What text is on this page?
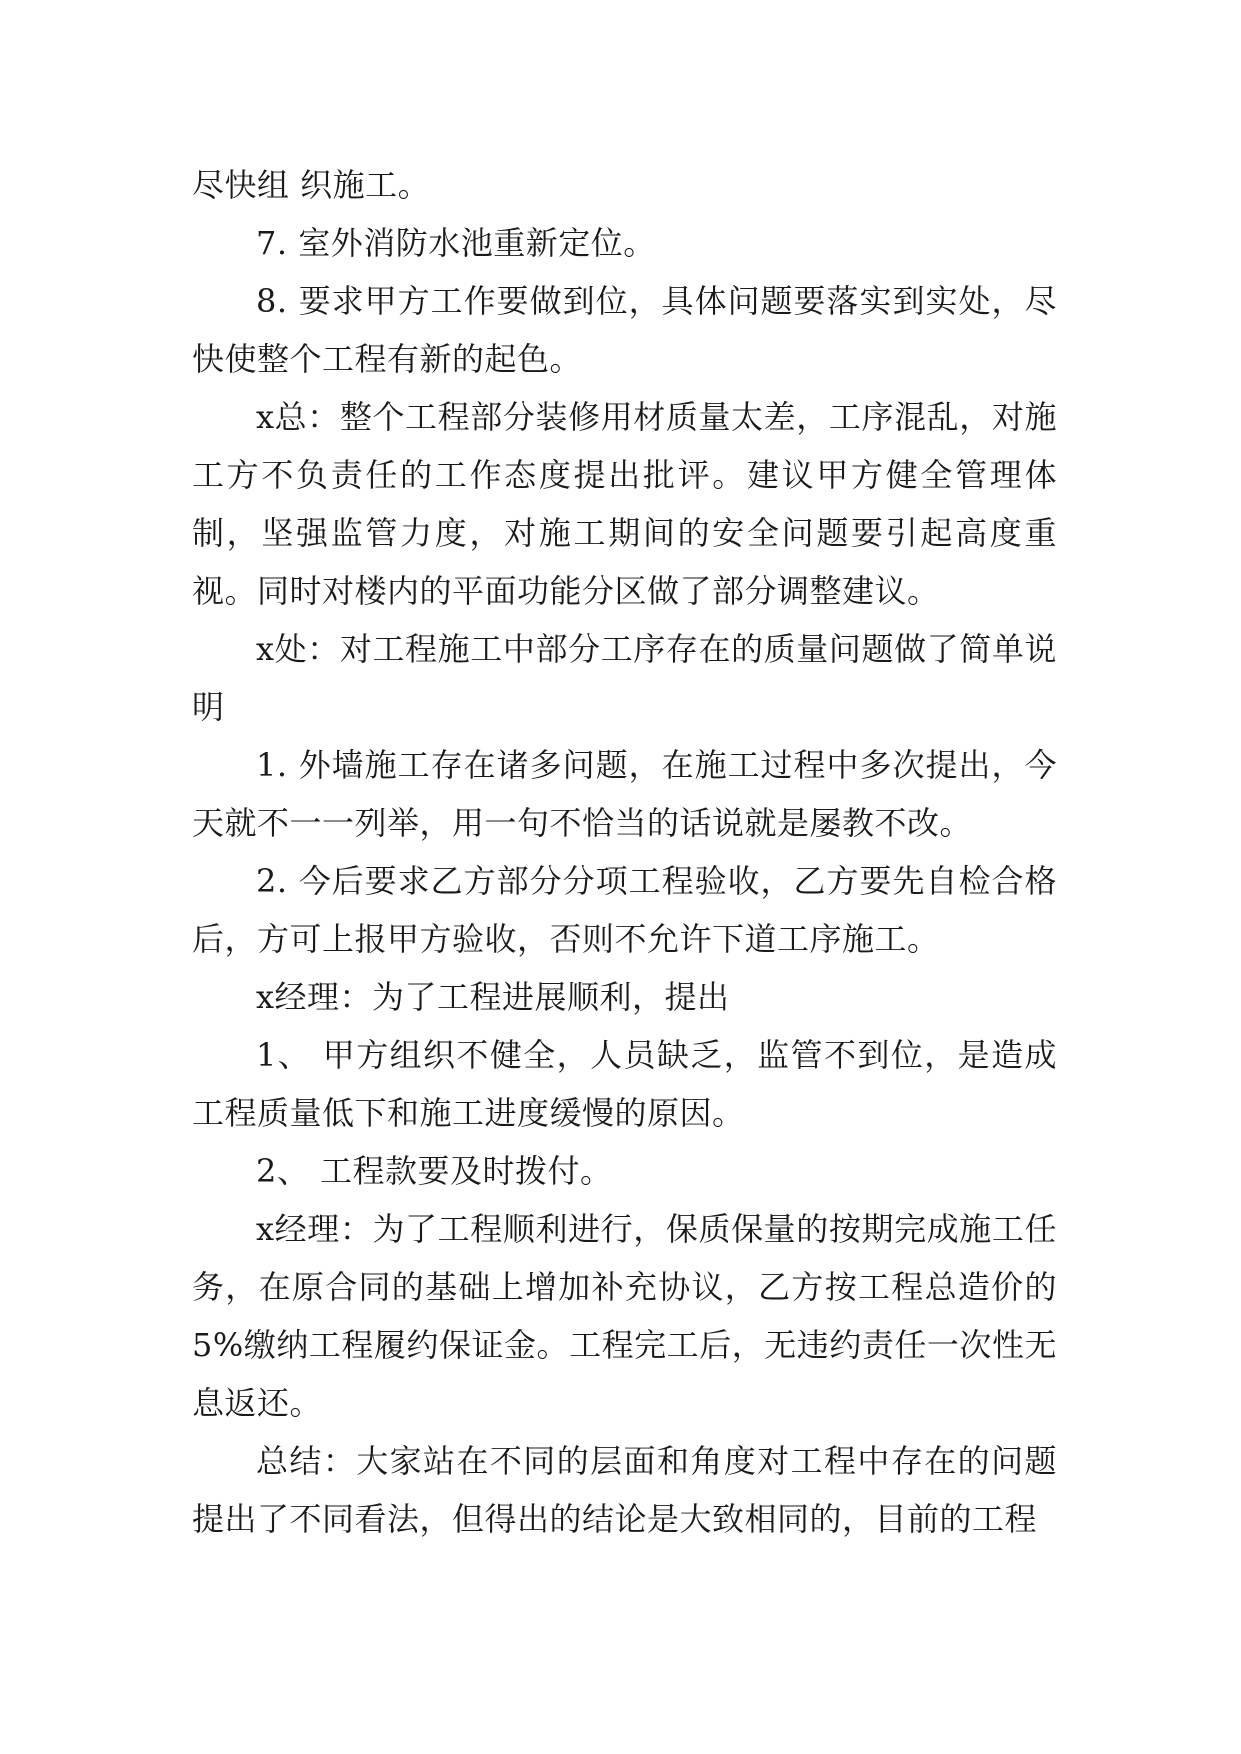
尽快组 织施工。

7. 室外消防水池重新定位。

8. 要求甲方工作要做到位，具体问题要落实到实处，尽快使整个工程有新的起色。

x总：整个工程部分装修用材质量太差，工序混乱，对施工方不负责任的工作态度提出批评。建议甲方健全管理体制，坚强监管力度，对施工期间的安全问题要引起高度重视。同时对楼内的平面功能分区做了部分调整建议。

x处：对工程施工中部分工序存在的质量问题做了简单说明

1. 外墙施工存在诸多问题，在施工过程中多次提出，今天就不一一列举，用一句不恰当的话说就是屡教不改。

2. 今后要求乙方部分分项工程验收，乙方要先自检合格后，方可上报甲方验收，否则不允许下道工序施工。

x经理：为了工程进展顺利，提出

1、 甲方组织不健全，人员缺乏，监管不到位，是造成工程质量低下和施工进度缓慢的原因。

2、 工程款要及时拨付。

x经理：为了工程顺利进行，保质保量的按期完成施工任务，在原合同的基础上增加补充协议，乙方按工程总造价的5%缴纳工程履约保证金。工程完工后，无违约责任一次性无息返还。

总结：大家站在不同的层面和角度对工程中存在的问题提出了不同看法，但得出的结论是大致相同的，目前的工程
